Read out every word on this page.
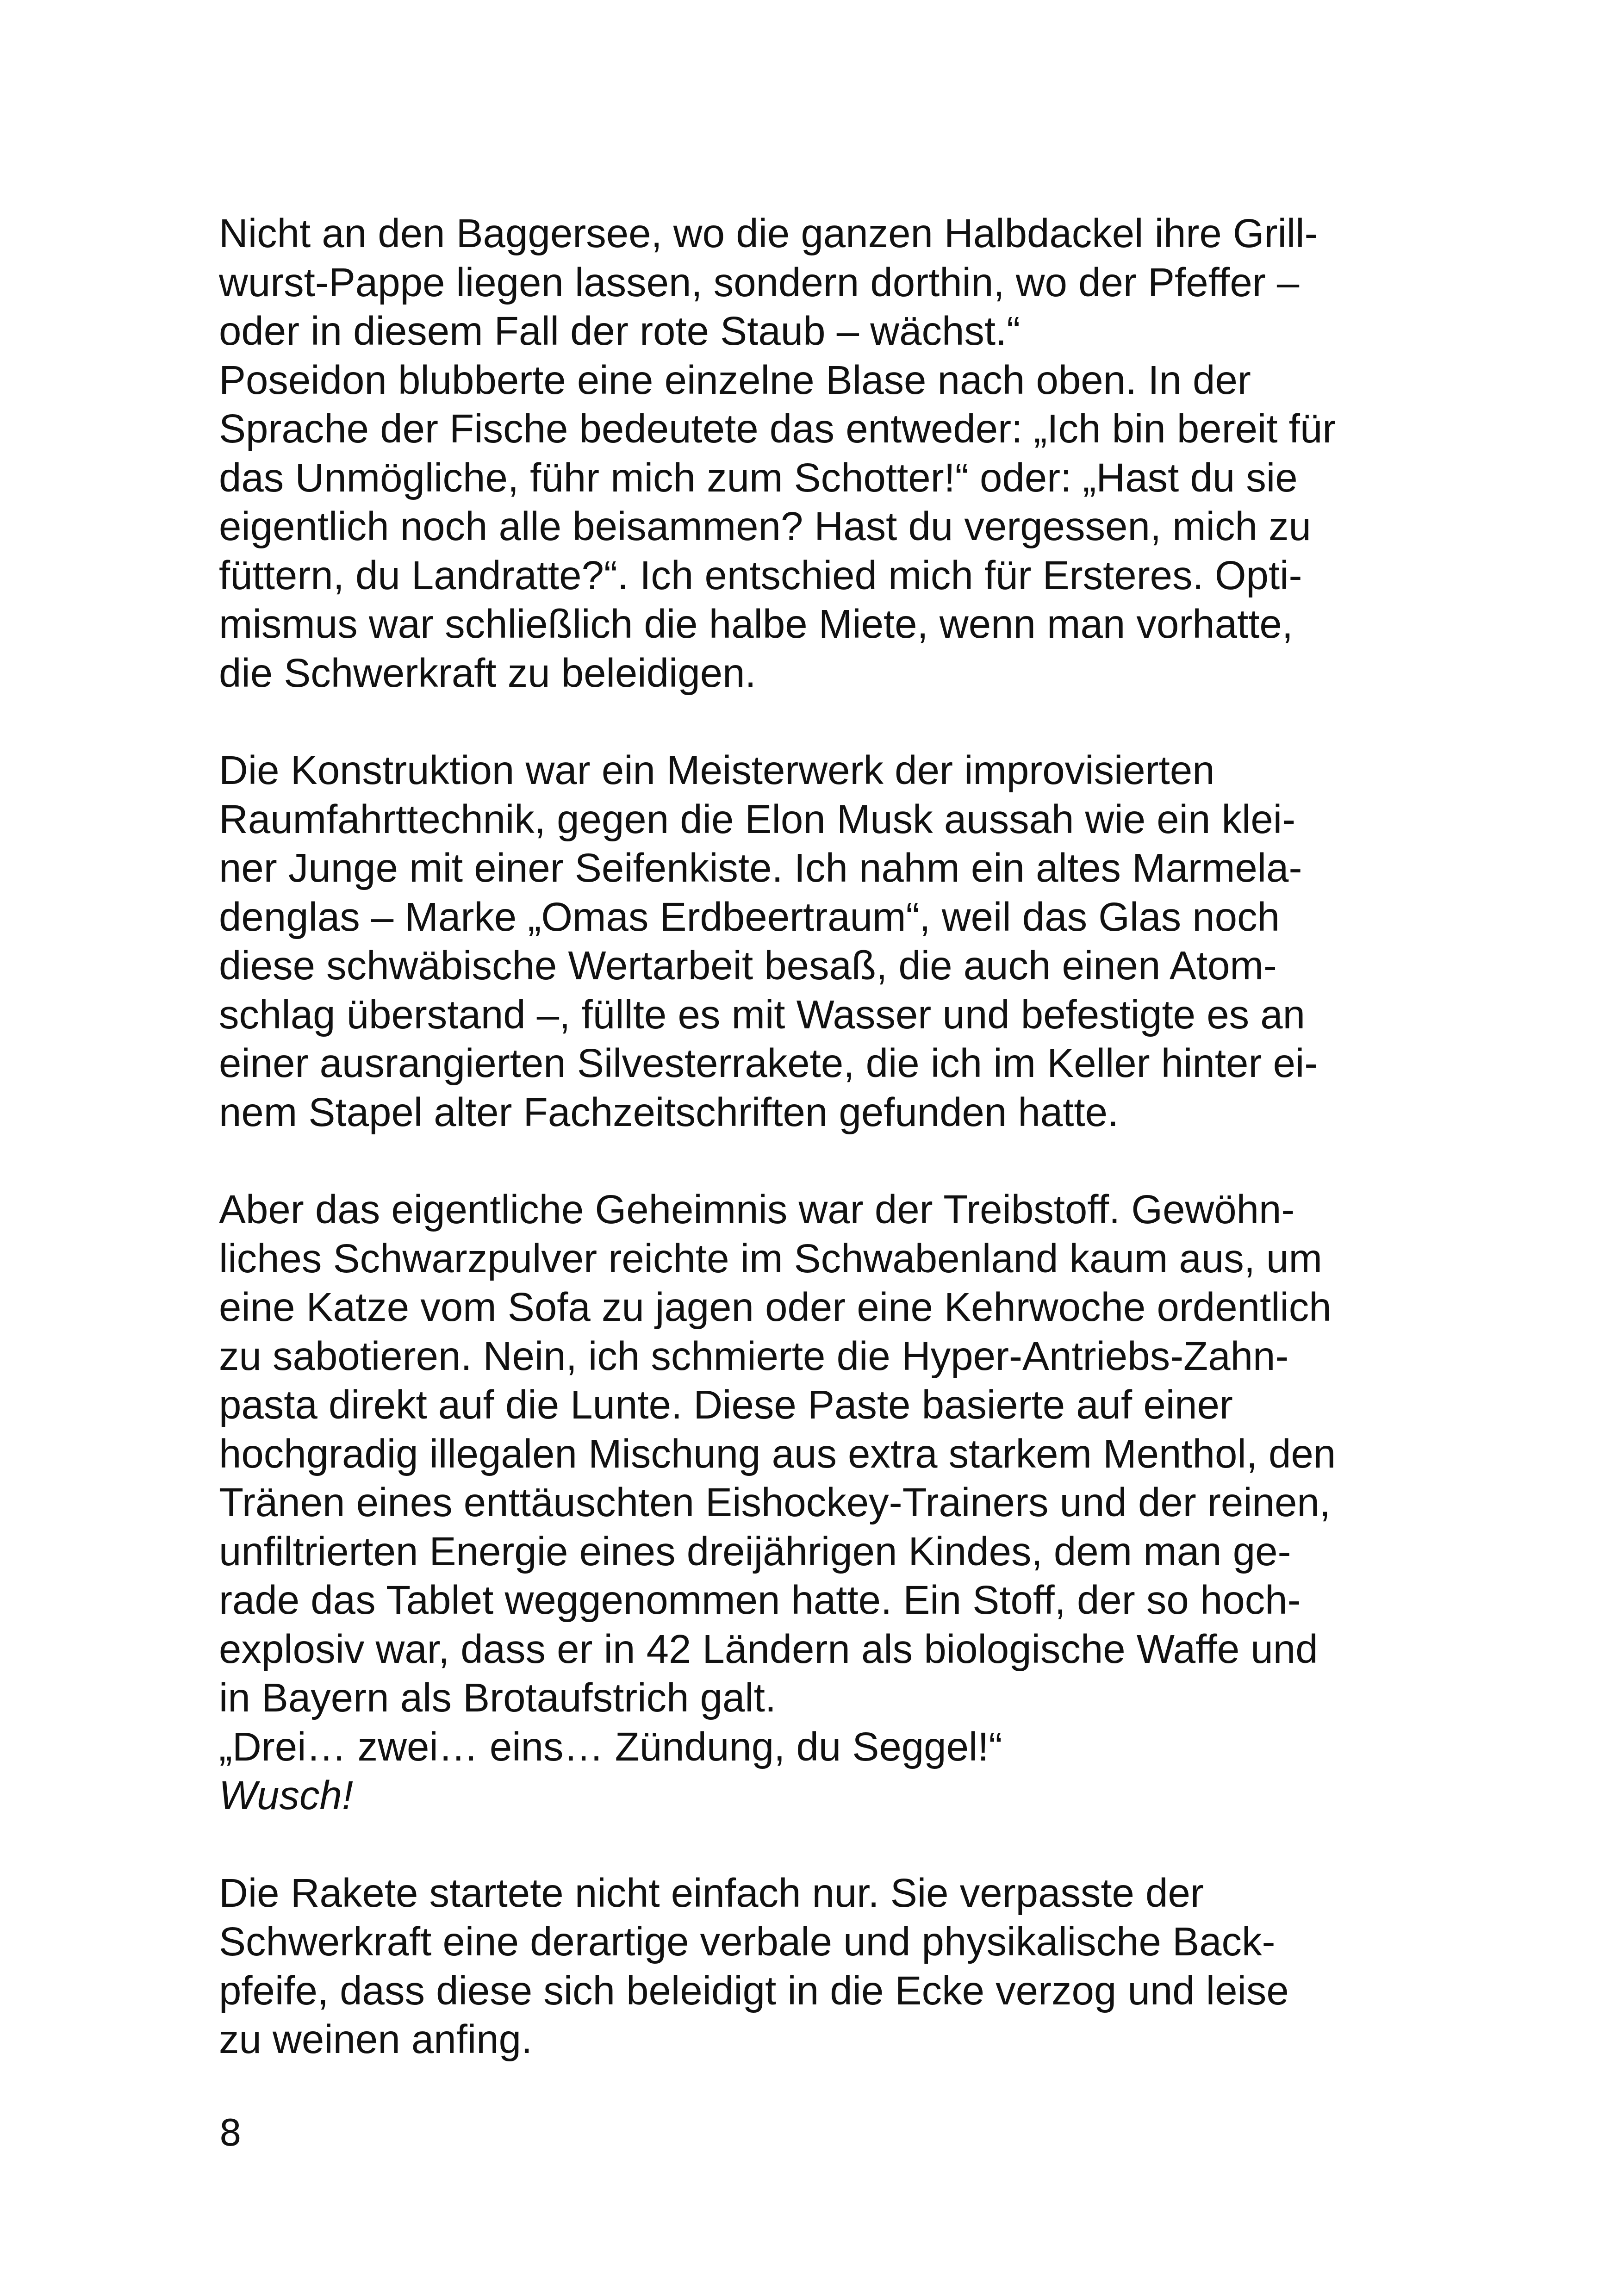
Nicht an den Baggersee, wo die ganzen Halbdackel ihre Grill-
wurst-Pappe liegen lassen, sondern dorthin, wo der Pfeffer –
oder in diesem Fall der rote Staub – wächst.“
Poseidon blubberte eine einzelne Blase nach oben. In der
Sprache der Fische bedeutete das entweder: „Ich bin bereit für
das Unmögliche, führ mich zum Schotter!“ oder: „Hast du sie
eigentlich noch alle beisammen? Hast du vergessen, mich zu
füttern, du Landratte?“. Ich entschied mich für Ersteres. Opti-
mismus war schließlich die halbe Miete, wenn man vorhatte,
die Schwerkraft zu beleidigen.

Die Konstruktion war ein Meisterwerk der improvisierten
Raumfahrttechnik, gegen die Elon Musk aussah wie ein klei-
ner Junge mit einer Seifenkiste. Ich nahm ein altes Marmela-
denglas – Marke „Omas Erdbeertraum“, weil das Glas noch
diese schwäbische Wertarbeit besaß, die auch einen Atom-
schlag überstand –, füllte es mit Wasser und befestigte es an
einer ausrangierten Silvesterrakete, die ich im Keller hinter ei-
nem Stapel alter Fachzeitschriften gefunden hatte.

Aber das eigentliche Geheimnis war der Treibstoff. Gewöhn-
liches Schwarzpulver reichte im Schwabenland kaum aus, um
eine Katze vom Sofa zu jagen oder eine Kehrwoche ordentlich
zu sabotieren. Nein, ich schmierte die Hyper-Antriebs-Zahn-
pasta direkt auf die Lunte. Diese Paste basierte auf einer
hochgradig illegalen Mischung aus extra starkem Menthol, den
Tränen eines enttäuschten Eishockey-Trainers und der reinen,
unfiltrierten Energie eines dreijährigen Kindes, dem man ge-
rade das Tablet weggenommen hatte. Ein Stoff, der so hoch-
explosiv war, dass er in 42 Ländern als biologische Waffe und
in Bayern als Brotaufstrich galt.
„Drei… zwei… eins… Zündung, du Seggel!“
Wusch!

Die Rakete startete nicht einfach nur. Sie verpasste der
Schwerkraft eine derartige verbale und physikalische Back-
pfeife, dass diese sich beleidigt in die Ecke verzog und leise
zu weinen anfing.

8
